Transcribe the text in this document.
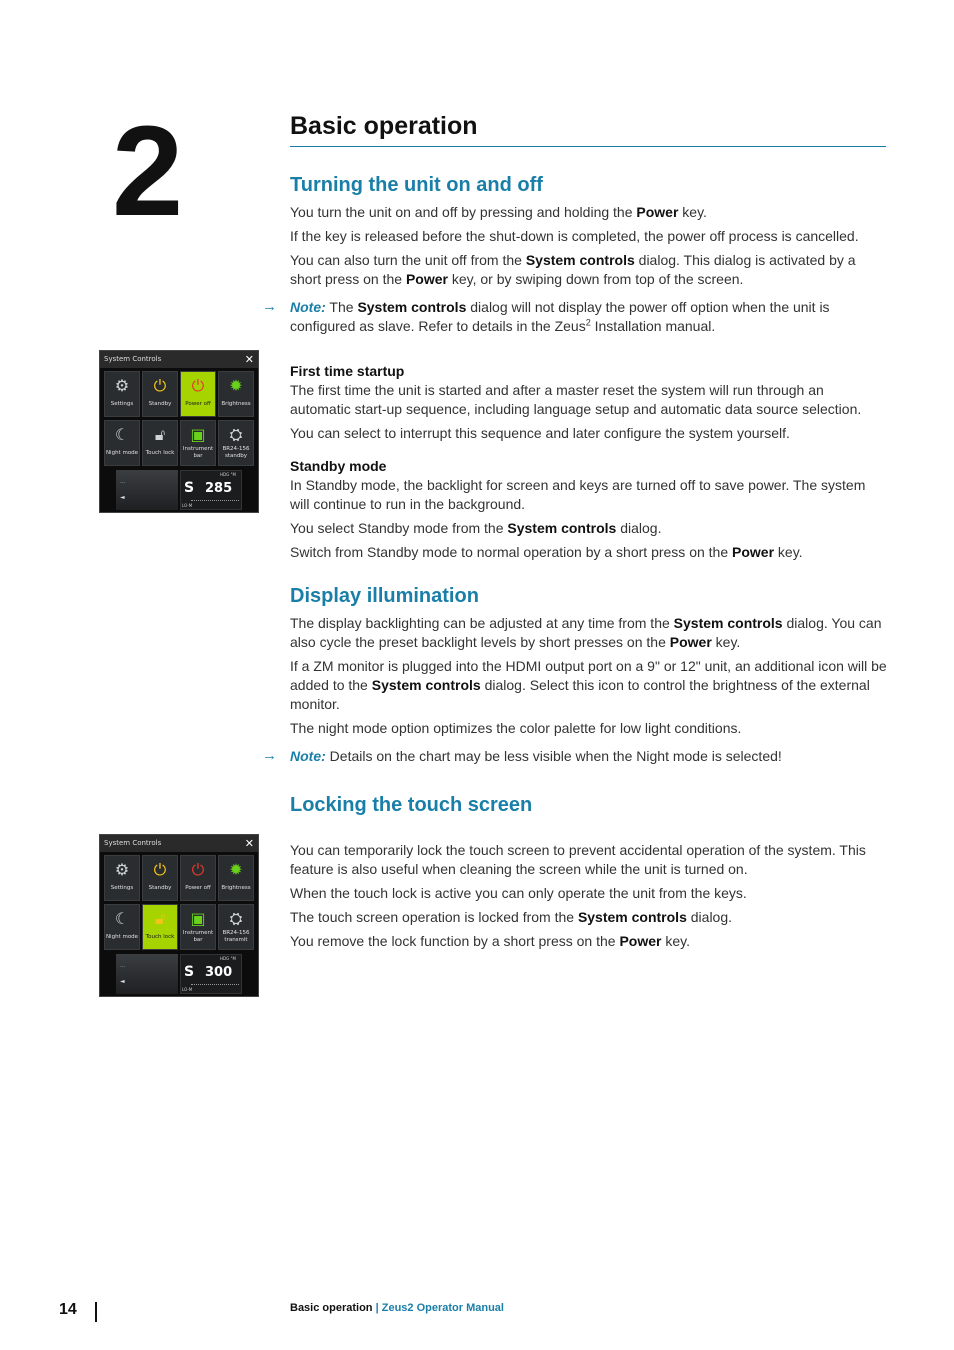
2	Basic operation
Turning the unit on and off
You turn the unit on and off by pressing and holding the Power key.
If the key is released before the shut-down is completed, the power off process is cancelled.
You can also turn the unit off from the System controls dialog. This dialog is activated by a short press on the Power key, or by swiping down from top of the screen.
→ Note: The System controls dialog will not display the power off option when the unit is configured as slave. Refer to details in the Zeus$^2$ Installation manual.
System Controls	✕
⚙
Settings
⏻
Standby
⏻
Power off
✹
Brightness
☾
Night mode
🔓︎
Touch lock
▣
Instrument bar
⛭
BR24-156 standby
...
◄
HDG °M
S 285
LO-M
First time startup
The first time the unit is started and after a master reset the system will run through an automatic start-up sequence, including language setup and automatic data source selection.
You can select to interrupt this sequence and later configure the system yourself.
Standby mode
In Standby mode, the backlight for screen and keys are turned off to save power. The system will continue to run in the background.
You select Standby mode from the System controls dialog.
Switch from Standby mode to normal operation by a short press on the Power key.
Display illumination
The display backlighting can be adjusted at any time from the System controls dialog. You can also cycle the preset backlight levels by short presses on the Power key.
If a ZM monitor is plugged into the HDMI output port on a 9" or 12" unit, an additional icon will be added to the System controls dialog. Select this icon to control the brightness of the external monitor.
The night mode option optimizes the color palette for low light conditions.
→ Note: Details on the chart may be less visible when the Night mode is selected!
Locking the touch screen
System Controls	✕
⚙
Settings
⏻
Standby
⏻
Power off
✹
Brightness
☾
Night mode
🔓︎
Touch lock
▣
Instrument bar
⛭
BR24-156 transmit
...
◄
HDG °M
S 300
LO-M
You can temporarily lock the touch screen to prevent accidental operation of the system. This feature is also useful when cleaning the screen while the unit is turned on.
When the touch lock is active you can only operate the unit from the keys.
The touch screen operation is locked from the System controls dialog.
You remove the lock function by a short press on the Power key.
14	Basic operation | Zeus2 Operator Manual
